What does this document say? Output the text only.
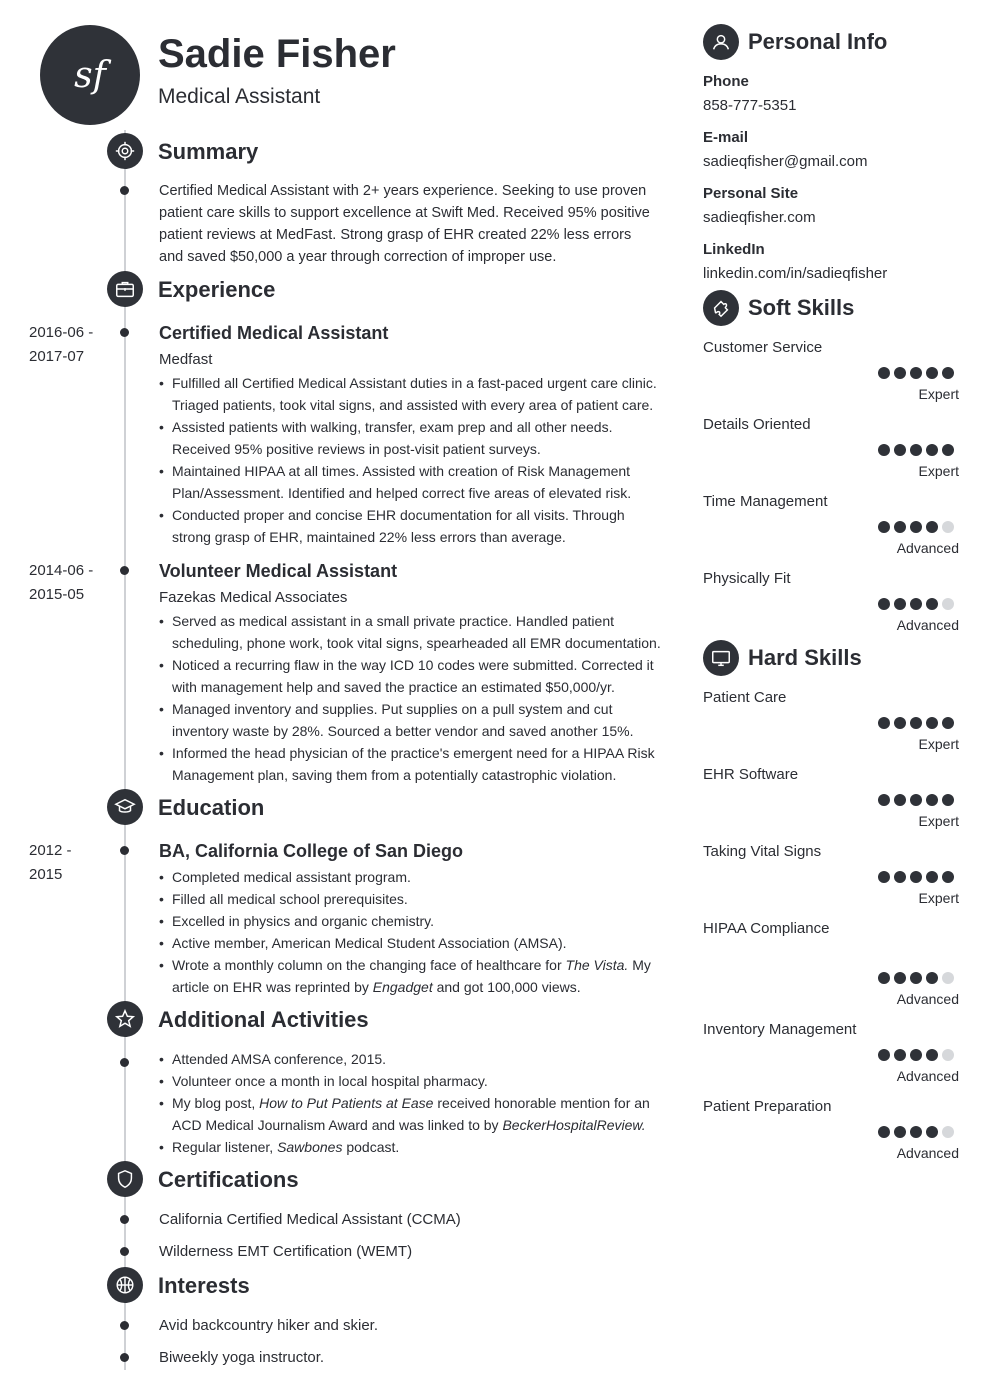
sf Sadie Fisher
Medical Assistant
Summary
Certified Medical Assistant with 2+ years experience. Seeking to use proven patient care skills to support excellence at Swift Med. Received 95% positive patient reviews at MedFast. Strong grasp of EHR created 22% less errors and saved $50,000 a year through correction of improper use.
Experience
2016-06 -
2017-07
Certified Medical Assistant
Medfast
• Fulfilled all Certified Medical Assistant duties in a fast-paced urgent care clinic. Triaged patients, took vital signs, and assisted with every area of patient care.
• Assisted patients with walking, transfer, exam prep and all other needs. Received 95% positive reviews in post-visit patient surveys.
• Maintained HIPAA at all times. Assisted with creation of Risk Management Plan/Assessment. Identified and helped correct five areas of elevated risk.
• Conducted proper and concise EHR documentation for all visits. Through strong grasp of EHR, maintained 22% less errors than average.
2014-06 -
2015-05
Volunteer Medical Assistant
Fazekas Medical Associates
• Served as medical assistant in a small private practice. Handled patient scheduling, phone work, took vital signs, spearheaded all EMR documentation.
• Noticed a recurring flaw in the way ICD 10 codes were submitted. Corrected it with management help and saved the practice an estimated $50,000/yr.
• Managed inventory and supplies. Put supplies on a pull system and cut inventory waste by 28%. Sourced a better vendor and saved another 15%.
• Informed the head physician of the practice's emergent need for a HIPAA Risk Management plan, saving them from a potentially catastrophic violation.
Education
2012 -
2015
BA, California College of San Diego
• Completed medical assistant program.
• Filled all medical school prerequisites.
• Excelled in physics and organic chemistry.
• Active member, American Medical Student Association (AMSA).
• Wrote a monthly column on the changing face of healthcare for The Vista. My article on EHR was reprinted by Engadget and got 100,000 views.
Additional Activities
• Attended AMSA conference, 2015.
• Volunteer once a month in local hospital pharmacy.
• My blog post, How to Put Patients at Ease received honorable mention for an ACD Medical Journalism Award and was linked to by BeckerHospitalReview.
• Regular listener, Sawbones podcast.
Certifications
California Certified Medical Assistant (CCMA)
Wilderness EMT Certification (WEMT)
Interests
Avid backcountry hiker and skier.
Biweekly yoga instructor.
Personal Info
Phone
858-777-5351
E-mail
sadieqfisher@gmail.com
Personal Site
sadieqfisher.com
LinkedIn
linkedin.com/in/sadieqfisher
Soft Skills
Customer Service
Expert
Details Oriented
Expert
Time Management
Advanced
Physically Fit
Advanced
Hard Skills
Patient Care
Expert
EHR Software
Expert
Taking Vital Signs
Expert
HIPAA Compliance
Advanced
Inventory Management
Advanced
Patient Preparation
Advanced
